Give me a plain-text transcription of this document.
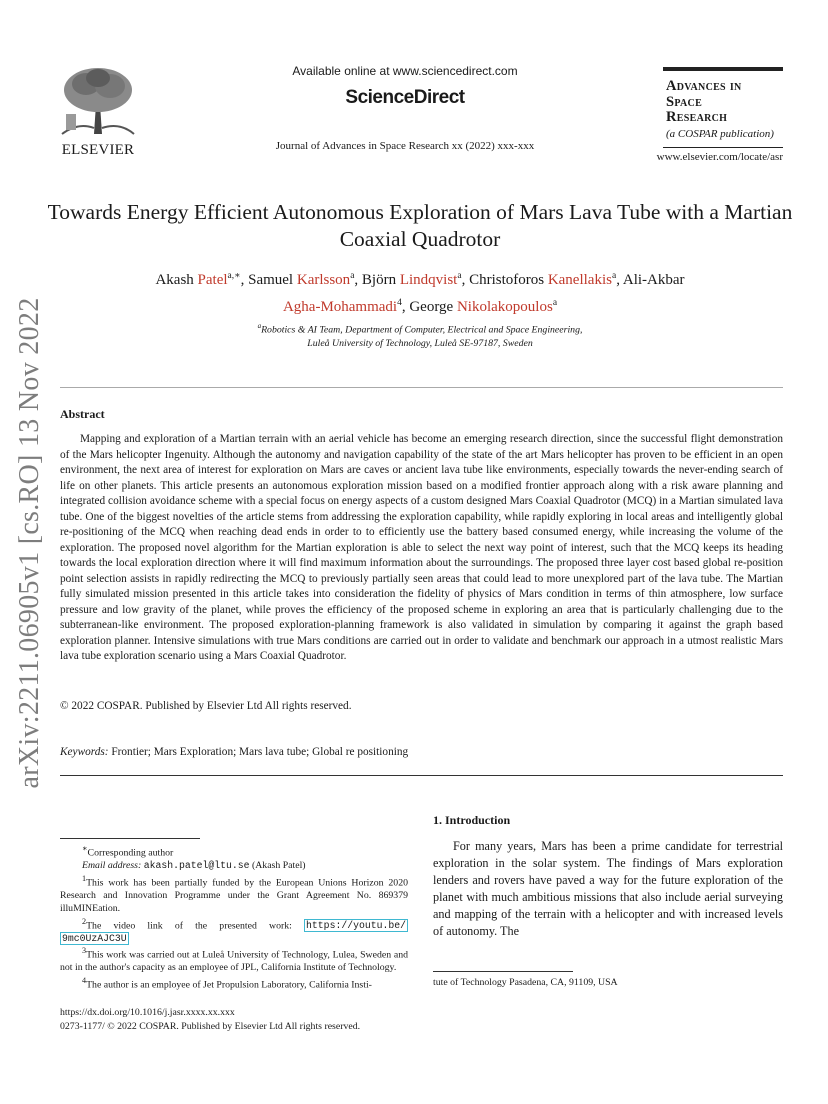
arXiv:2211.06905v1 [cs.RO] 13 Nov 2022
ELSEVIER
Available online at www.sciencedirect.com
ScienceDirect
Journal of Advances in Space Research xx (2022) xxx-xxx
Advances in
Space
Research
(a COSPAR publication)
www.elsevier.com/locate/asr
Towards Energy Efficient Autonomous Exploration of Mars Lava Tube with a Martian Coaxial Quadrotor
Akash Patel$^{a,∗}$, Samuel Karlsson$^a$, Björn Lindqvist$^a$, Christoforos Kanellakis$^a$, Ali-Akbar
Agha-Mohammadi$^4$, George Nikolakopoulos$^a$
$^a$Robotics & AI Team, Department of Computer, Electrical and Space Engineering,
Luleå University of Technology, Luleå SE-97187, Sweden
Abstract
Mapping and exploration of a Martian terrain with an aerial vehicle has become an emerging research direction, since the successful flight demonstration of the Mars helicopter Ingenuity. Although the autonomy and navigation capability of the state of the art Mars helicopter has proven to be efficient in an open environment, the next area of interest for exploration on Mars are caves or ancient lava tube like environments, especially towards the never-ending search of life on other planets. This article presents an autonomous exploration mission based on a modified frontier approach along with a risk aware planning and integrated collision avoidance scheme with a special focus on energy aspects of a custom designed Mars Coaxial Quadrotor (MCQ) in a Martian simulated lava tube. One of the biggest novelties of the article stems from addressing the exploration capability, while rapidly exploring in local areas and intelligently global re-positioning of the MCQ when reaching dead ends in order to to efficiently use the battery based consumed energy, while increasing the volume of the exploration. The proposed novel algorithm for the Martian exploration is able to select the next way point of interest, such that the MCQ keeps its heading towards the local exploration direction where it will find maximum information about the surroundings. The proposed three layer cost based global re-position point selection assists in rapidly redirecting the MCQ to previously partially seen areas that could lead to more unexplored part of the lava tube. The Martian fully simulated mission presented in this article takes into consideration the fidelity of physics of Mars condition in terms of thin atmosphere, low surface pressure and low gravity of the planet, while proves the efficiency of the proposed scheme in exploring an area that is particularly challenging due to the subterranean-like environment. The proposed exploration-planning framework is also validated in simulation by comparing it against the graph based exploration planner. Intensive simulations with true Mars conditions are carried out in order to validate and benchmark our approach in a utmost realistic Mars lava tube exploration scenario using a Mars Coaxial Quadrotor.
© 2022 COSPAR. Published by Elsevier Ltd All rights reserved.
Keywords: Frontier; Mars Exploration; Mars lava tube; Global re positioning

∗Corresponding author

Email address: akash.patel@ltu.se (Akash Patel)

$^1$This work has been partially funded by the European Unions Horizon 2020 Research and Innovation Programme under the Grant Agreement No. 869379 illuMINEation.

$^2$The video link of the presented work: https://youtu.be/

9mc0UzAJC3U

$^3$This work was carried out at Luleå University of Technology, Lulea, Sweden and not in the author's capacity as an employee of JPL, California Institute of Technology.

$^4$The author is an employee of Jet Propulsion Laboratory, California Insti-

1. Introduction
For many years, Mars has been a prime candidate for terrestrial exploration in the solar system. The findings of Mars exploration lenders and rovers have paved a way for the future exploration of the planet with much ambitious missions that also include aerial surveying and mapping of the terrain with a helicopter and with increased levels of autonomy. The
tute of Technology Pasadena, CA, 91109, USA
https://dx.doi.org/10.1016/j.jasr.xxxx.xx.xxx
0273-1177/ © 2022 COSPAR. Published by Elsevier Ltd All rights reserved.
